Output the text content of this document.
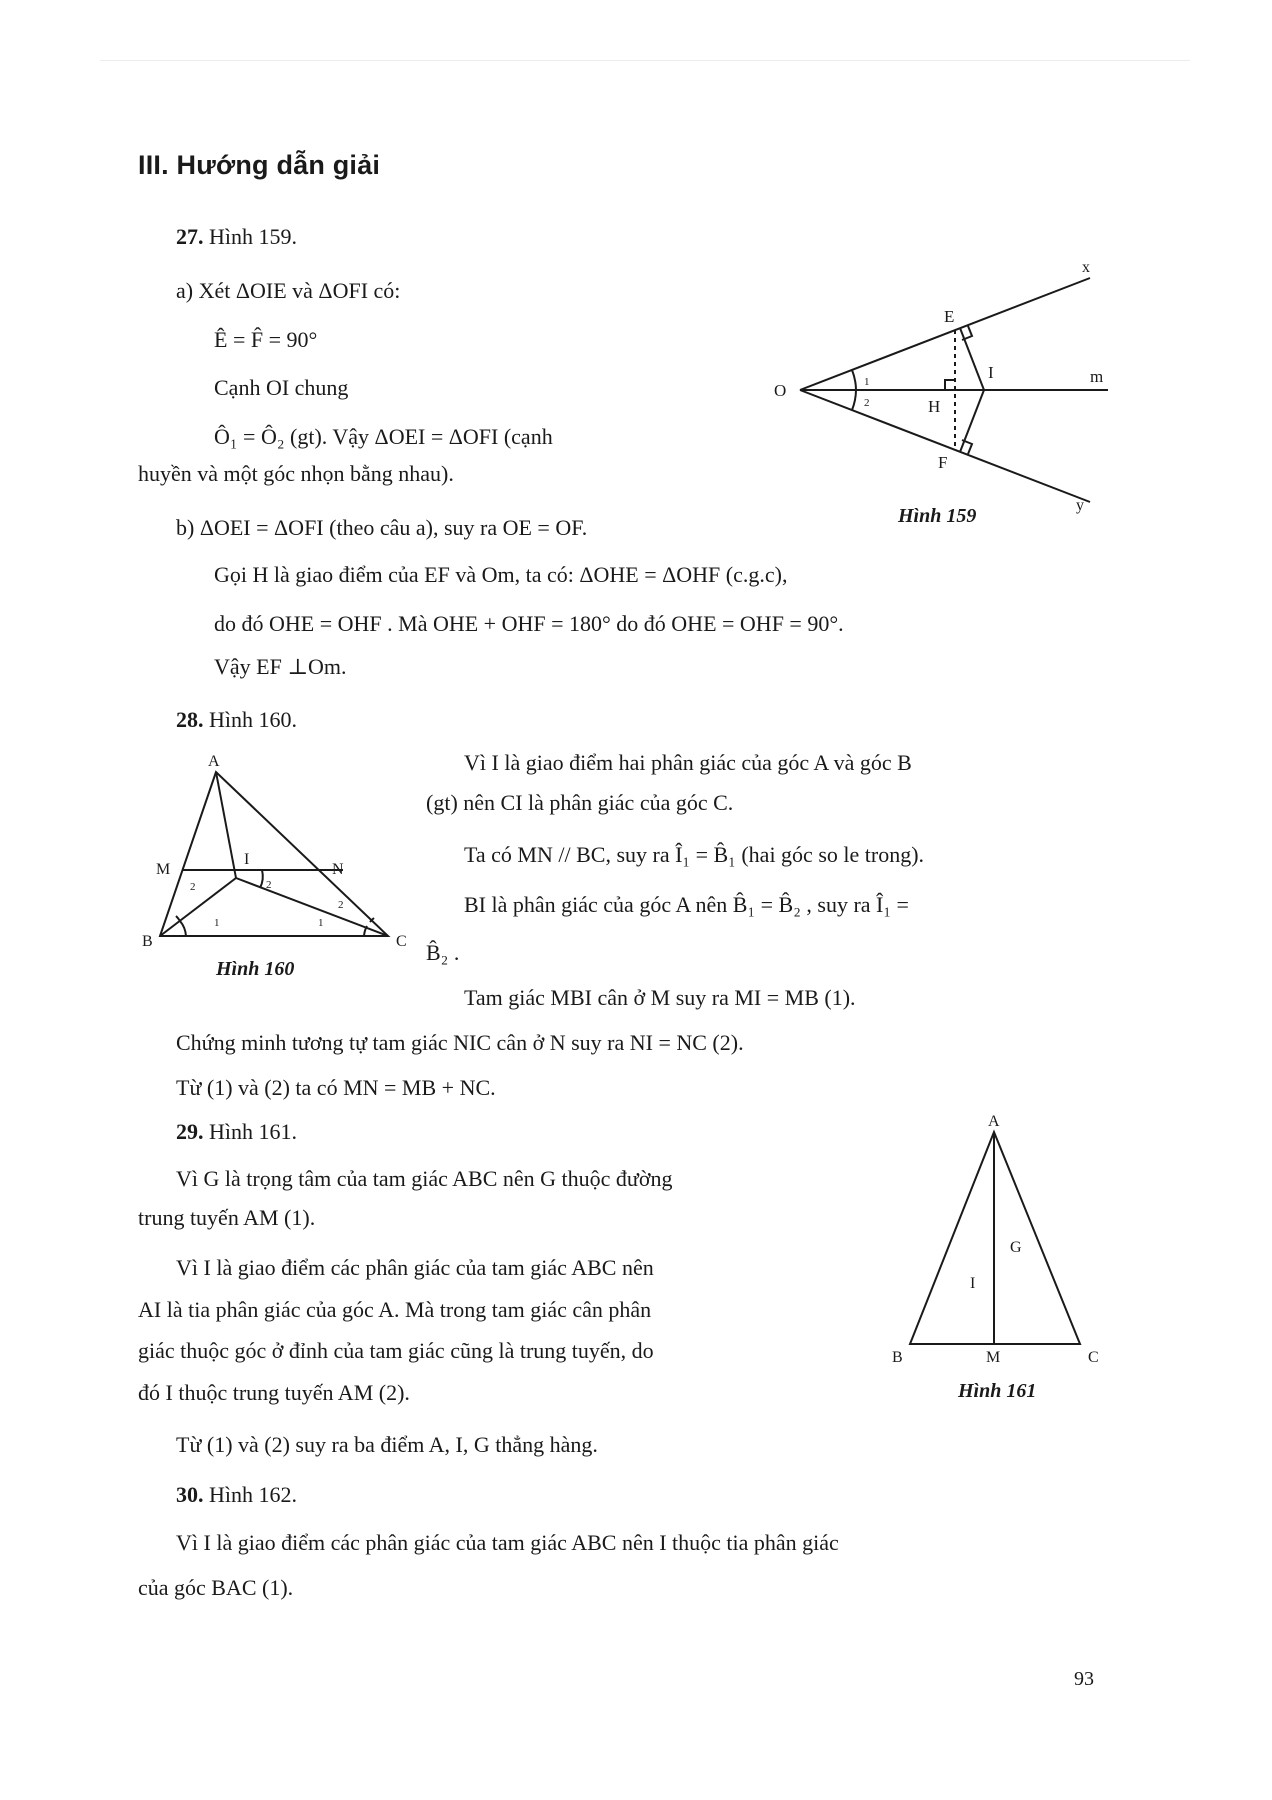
III. Hướng dẫn giải
27. Hình 159.
a) Xét ΔOIE và ΔOFI có:
Ê = F̂ = 90°
Cạnh OI chung
Ô₁ = Ô₂ (gt). Vậy ΔOEI = ΔOFI (cạnh
huyền và một góc nhọn bằng nhau).
b) ΔOEI = ΔOFI (theo câu a), suy ra OE = OF.
Gọi H là giao điểm của EF và Om, ta có: ΔOHE = ΔOHF (c.g.c),
do đó OHE = OHF . Mà OHE + OHF = 180° do đó OHE = OHF = 90°.
Vậy EF ⊥Om.
x
E
O
I	m
H
F
y
1
2
Hình 159
28. Hình 160.
A
M
I
N
B	C
2
1
2
1
2
Hình 160
Vì I là giao điểm hai phân giác của góc A và góc B
(gt) nên CI là phân giác của góc C.
Ta có MN // BC, suy ra Î₁ = B̂₁ (hai góc so le trong).
BI là phân giác của góc A nên B̂₁ = B̂₂ , suy ra Î₁ =
B̂₂ .
Tam giác MBI cân ở M suy ra MI = MB (1).
Chứng minh tương tự tam giác NIC cân ở N suy ra NI = NC (2).
Từ (1) và (2) ta có MN = MB + NC.
29. Hình 161.
Vì G là trọng tâm của tam giác ABC nên G thuộc đường
trung tuyến AM (1).
Vì I là giao điểm các phân giác của tam giác ABC nên
AI là tia phân giác của góc A. Mà trong tam giác cân phân
giác thuộc góc ở đỉnh của tam giác cũng là trung tuyến, do
đó I thuộc trung tuyến AM (2).
Từ (1) và (2) suy ra ba điểm A, I, G thẳng hàng.
A
G
I
B	M	C
Hình 161
30. Hình 162.
Vì I là giao điểm các phân giác của tam giác ABC nên I thuộc tia phân giác
của góc BAC (1).
93
